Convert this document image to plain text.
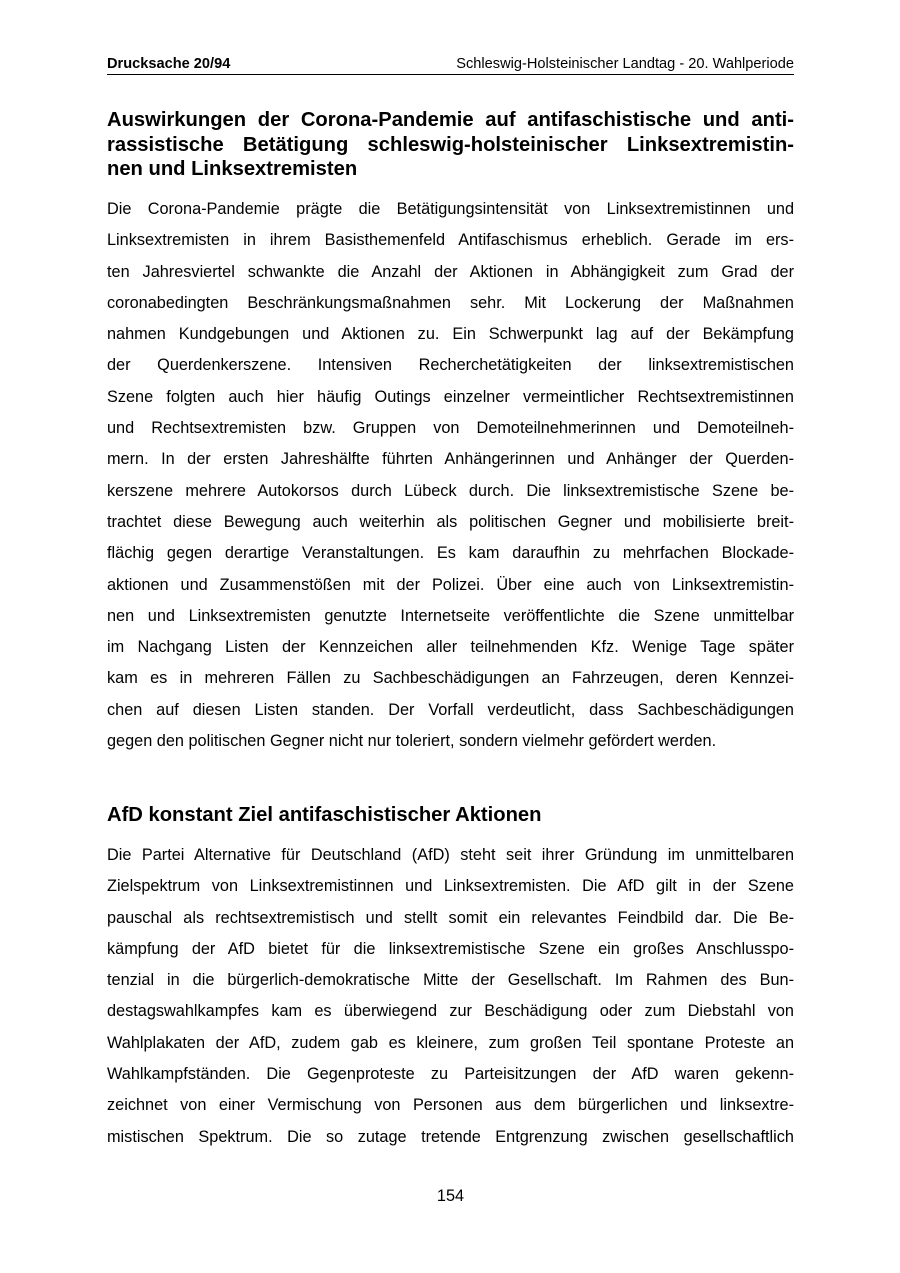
Drucksache 20/94	Schleswig-Holsteinischer Landtag - 20. Wahlperiode
Auswirkungen der Corona-Pandemie auf antifaschistische und anti-
rassistische Betätigung schleswig-holsteinischer Linksextremistin-
nen und Linksextremisten

Die Corona-Pandemie prägte die Betätigungsintensität von Linksextremistinnen und
Linksextremisten in ihrem Basisthemenfeld Antifaschismus erheblich. Gerade im ers-
ten Jahresviertel schwankte die Anzahl der Aktionen in Abhängigkeit zum Grad der
coronabedingten Beschränkungsmaßnahmen sehr. Mit Lockerung der Maßnahmen
nahmen Kundgebungen und Aktionen zu. Ein Schwerpunkt lag auf der Bekämpfung
der Querdenkerszene. Intensiven Recherchetätigkeiten der linksextremistischen
Szene folgten auch hier häufig Outings einzelner vermeintlicher Rechtsextremistinnen
und Rechtsextremisten bzw. Gruppen von Demoteilnehmerinnen und Demoteilneh-
mern. In der ersten Jahreshälfte führten Anhängerinnen und Anhänger der Querden-
kerszene mehrere Autokorsos durch Lübeck durch. Die linksextremistische Szene be-
trachtet diese Bewegung auch weiterhin als politischen Gegner und mobilisierte breit-
flächig gegen derartige Veranstaltungen. Es kam daraufhin zu mehrfachen Blockade-
aktionen und Zusammenstößen mit der Polizei. Über eine auch von Linksextremistin-
nen und Linksextremisten genutzte Internetseite veröffentlichte die Szene unmittelbar
im Nachgang Listen der Kennzeichen aller teilnehmenden Kfz. Wenige Tage später
kam es in mehreren Fällen zu Sachbeschädigungen an Fahrzeugen, deren Kennzei-
chen auf diesen Listen standen. Der Vorfall verdeutlicht, dass Sachbeschädigungen
gegen den politischen Gegner nicht nur toleriert, sondern vielmehr gefördert werden.

AfD konstant Ziel antifaschistischer Aktionen

Die Partei Alternative für Deutschland (AfD) steht seit ihrer Gründung im unmittelbaren
Zielspektrum von Linksextremistinnen und Linksextremisten. Die AfD gilt in der Szene
pauschal als rechtsextremistisch und stellt somit ein relevantes Feindbild dar. Die Be-
kämpfung der AfD bietet für die linksextremistische Szene ein großes Anschlusspo-
tenzial in die bürgerlich-demokratische Mitte der Gesellschaft. Im Rahmen des Bun-
destagswahlkampfes kam es überwiegend zur Beschädigung oder zum Diebstahl von
Wahlplakaten der AfD, zudem gab es kleinere, zum großen Teil spontane Proteste an
Wahlkampfständen. Die Gegenproteste zu Parteisitzungen der AfD waren gekenn-
zeichnet von einer Vermischung von Personen aus dem bürgerlichen und linksextre-
mistischen Spektrum. Die so zutage tretende Entgrenzung zwischen gesellschaftlich

154
